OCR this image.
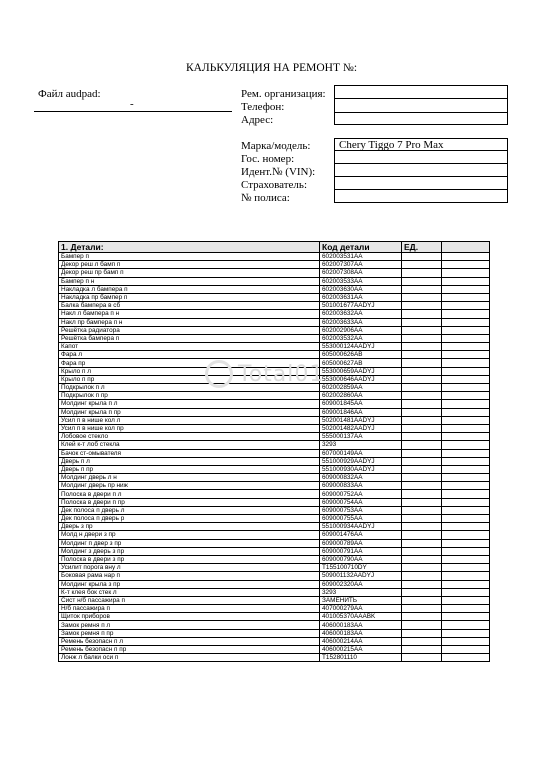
КАЛЬКУЛЯЦИЯ НА РЕМОНТ №:
Файл audpad:
-
Рем. организация:
Телефон:
Адрес:
Марка/модель:	Chery Tiggo 7 Pro Max
Гос. номер:
Идент.№ (VIN):
Страхователь:
№ полиса:
1. Детали:	Код детали	ЕД.	
Бампер п	602003531AA		
Декор реш л бамп п	602007307AA		
Декор реш пр бамп п	602007308AA		
Бампер п н	602003533AA		
Накладка л бампера п	602003630AA		
Накладка пр бампер п	602003631AA		
Балка бампера в сб	501001677AADYJ		
Накл л бампера п н	602003632AA		
Накл пр бампера п н	602003633AA		
Решётка радиатора	602002906AA		
Решётка бампера п	602003532AA		
Капот	553000124AADYJ		
Фара л	605000626AB		
Фара пр	605000627AB		
Крыло п л	553000659AADYJ		
Крыло п пр	553000646AADYJ		
Подкрылок п л	602002859AA		
Подкрылок п пр	602002860AA		
Молдинг крыла п л	609001845AA		
Молдинг крыла п пр	609001846AA		
Усил п в нише кол л	502001481AADYJ		
Усил п в нише кол пр	502001482AADYJ		
Лобовое стекло	555000137AA		
Клей к-т лоб стекла	3293		
Бачок ст-омывателя	607000149AA		
Дверь п л	551000929AADYJ		
Дверь п пр	551000930AADYJ		
Молдинг дверь л н	609000832AA		
Молдинг дверь пр ниж	609000833AA		
Полоска в двери п л	609000752AA		
Полоска в двери п пр	609000754AA		
Дек полоса п дверь л	609000753AA		
Дек полоса п дверь р	609000755AA		
Дверь з пр	551000934AADYJ		
Молд н двери з пр	609001476AA		
Молдинг п двер з пр	609000789AA		
Молдинг з дверь з пр	609000791AA		
Полоска в двери з пр	609000790AA		
Усилит порога вну л	T155100710DY		
Боковая рама нар п	509001132AADYJ		
Молдинг крыла з пр	609002320AA		
К-т клея бок стек л	3293		
Сист н/б пассажира п	ЗАМЕНИТЬ		
Н/б пассажира п	407000279AA		
Щиток приборов	401005370AAABK		
Замок ремня п л	406000183AA		
Замок ремня п пр	406000183AA		
Ремень безопасн п л	406000214AA		
Ремень безопасн п пр	406000215AA		
Лонж л балки оси п	T152801110		
Total01
